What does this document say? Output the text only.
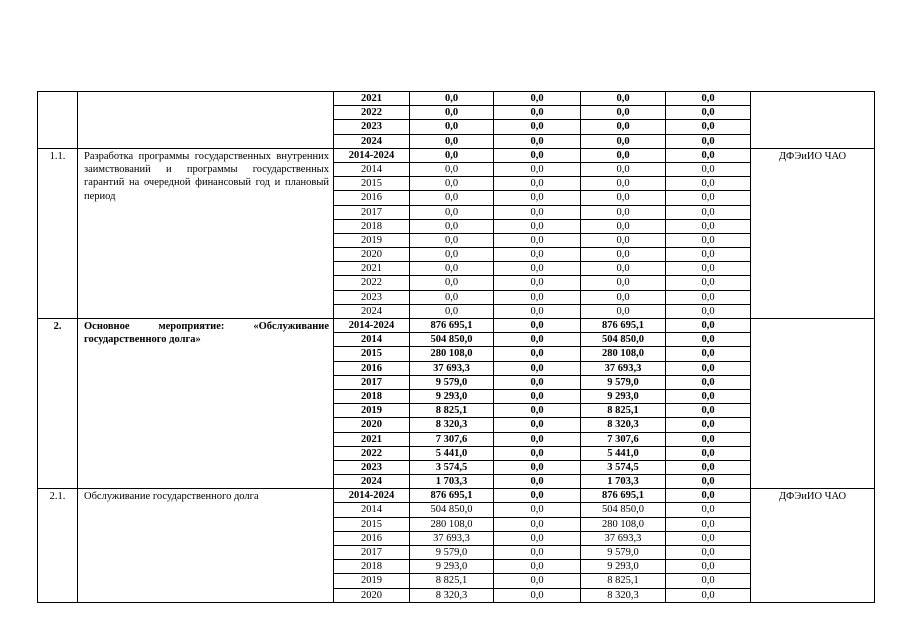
		2021	0,0	0,0	0,0	0,0	
		2022	0,0	0,0	0,0	0,0	
		2023	0,0	0,0	0,0	0,0	
		2024	0,0	0,0	0,0	0,0	
1.1.	Разработка программы государственных внутренних заимствований и программы государственных гарантий на очередной финансовый год и плановый период	2014-2024	0,0	0,0	0,0	0,0	ДФЭиИО ЧАО
		2014	0,0	0,0	0,0	0,0	
		2015	0,0	0,0	0,0	0,0	
		2016	0,0	0,0	0,0	0,0	
		2017	0,0	0,0	0,0	0,0	
		2018	0,0	0,0	0,0	0,0	
		2019	0,0	0,0	0,0	0,0	
		2020	0,0	0,0	0,0	0,0	
		2021	0,0	0,0	0,0	0,0	
		2022	0,0	0,0	0,0	0,0	
		2023	0,0	0,0	0,0	0,0	
		2024	0,0	0,0	0,0	0,0	
2.	Основное мероприятие: «Обслуживание государственного долга»	2014-2024	876 695,1	0,0	876 695,1	0,0	
		2014	504 850,0	0,0	504 850,0	0,0	
		2015	280 108,0	0,0	280 108,0	0,0	
		2016	37 693,3	0,0	37 693,3	0,0	
		2017	9 579,0	0,0	9 579,0	0,0	
		2018	9 293,0	0,0	9 293,0	0,0	
		2019	8 825,1	0,0	8 825,1	0,0	
		2020	8 320,3	0,0	8 320,3	0,0	
		2021	7 307,6	0,0	7 307,6	0,0	
		2022	5 441,0	0,0	5 441,0	0,0	
		2023	3 574,5	0,0	3 574,5	0,0	
		2024	1 703,3	0,0	1 703,3	0,0	
2.1.	Обслуживание государственного долга	2014-2024	876 695,1	0,0	876 695,1	0,0	ДФЭиИО ЧАО
		2014	504 850,0	0,0	504 850,0	0,0	
		2015	280 108,0	0,0	280 108,0	0,0	
		2016	37 693,3	0,0	37 693,3	0,0	
		2017	9 579,0	0,0	9 579,0	0,0	
		2018	9 293,0	0,0	9 293,0	0,0	
		2019	8 825,1	0,0	8 825,1	0,0	
		2020	8 320,3	0,0	8 320,3	0,0	
